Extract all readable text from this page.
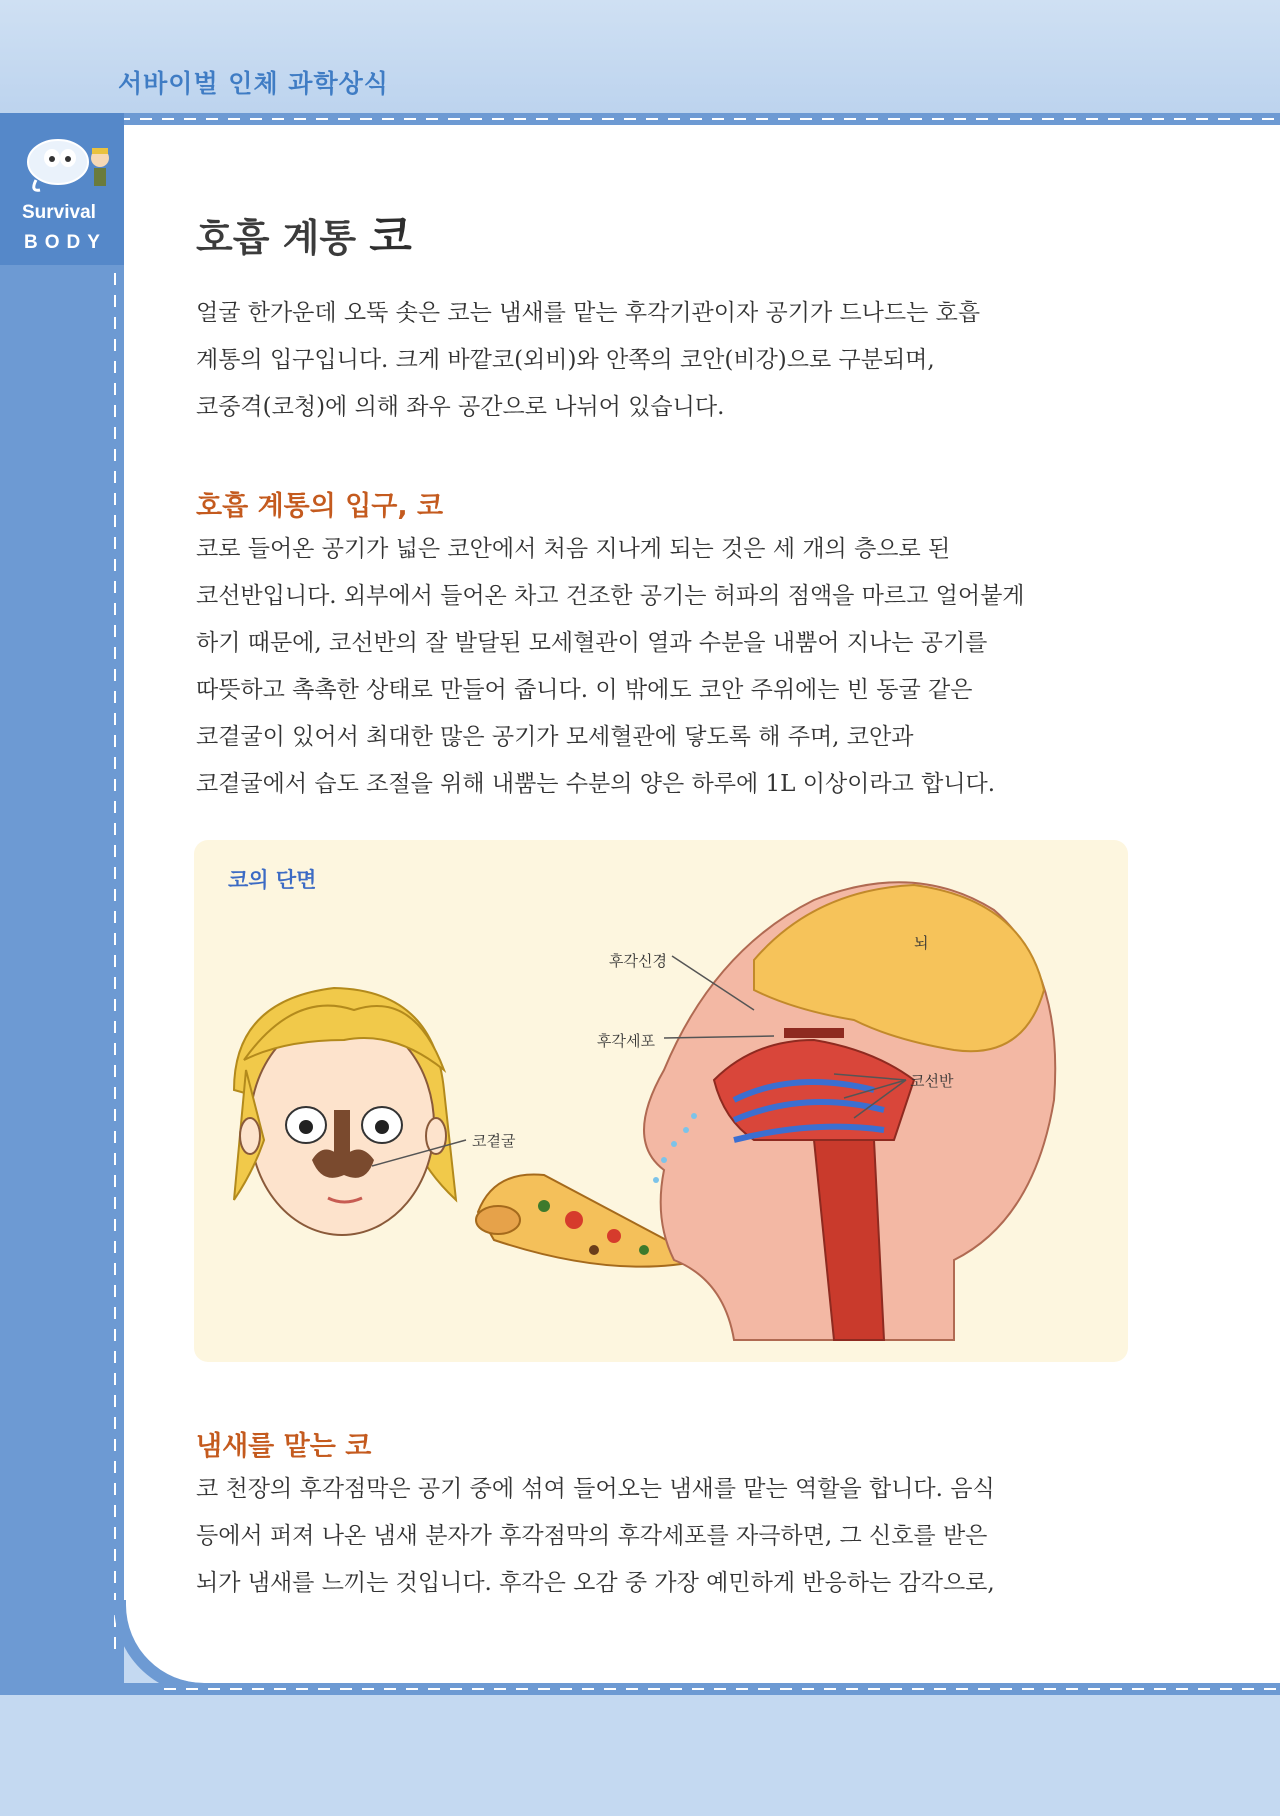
서바이벌 인체 과학상식
Survival
BODY 호흡 계통 코

얼굴 한가운데 오뚝 솟은 코는 냄새를 맡는 후각기관이자 공기가 드나드는 호흡

계통의 입구입니다. 크게 바깥코(외비)와 안쪽의 코안(비강)으로 구분되며,

코중격(코청)에 의해 좌우 공간으로 나뉘어 있습니다.

호흡 계통의 입구, 코

코로 들어온 공기가 넓은 코안에서 처음 지나게 되는 것은 세 개의 층으로 된

코선반입니다. 외부에서 들어온 차고 건조한 공기는 허파의 점액을 마르고 얼어붙게

하기 때문에, 코선반의 잘 발달된 모세혈관이 열과 수분을 내뿜어 지나는 공기를

따뜻하고 촉촉한 상태로 만들어 줍니다. 이 밖에도 코안 주위에는 빈 동굴 같은

코곁굴이 있어서 최대한 많은 공기가 모세혈관에 닿도록 해 주며, 코안과

코곁굴에서 습도 조절을 위해 내뿜는 수분의 양은 하루에 1L 이상이라고 합니다.

코의 단면
뇌
후각신경
후각세포
코선반
코곁굴
냄새를 맡는 코

코 천장의 후각점막은 공기 중에 섞여 들어오는 냄새를 맡는 역할을 합니다. 음식

등에서 퍼져 나온 냄새 분자가 후각점막의 후각세포를 자극하면, 그 신호를 받은

뇌가 냄새를 느끼는 것입니다. 후각은 오감 중 가장 예민하게 반응하는 감각으로,
